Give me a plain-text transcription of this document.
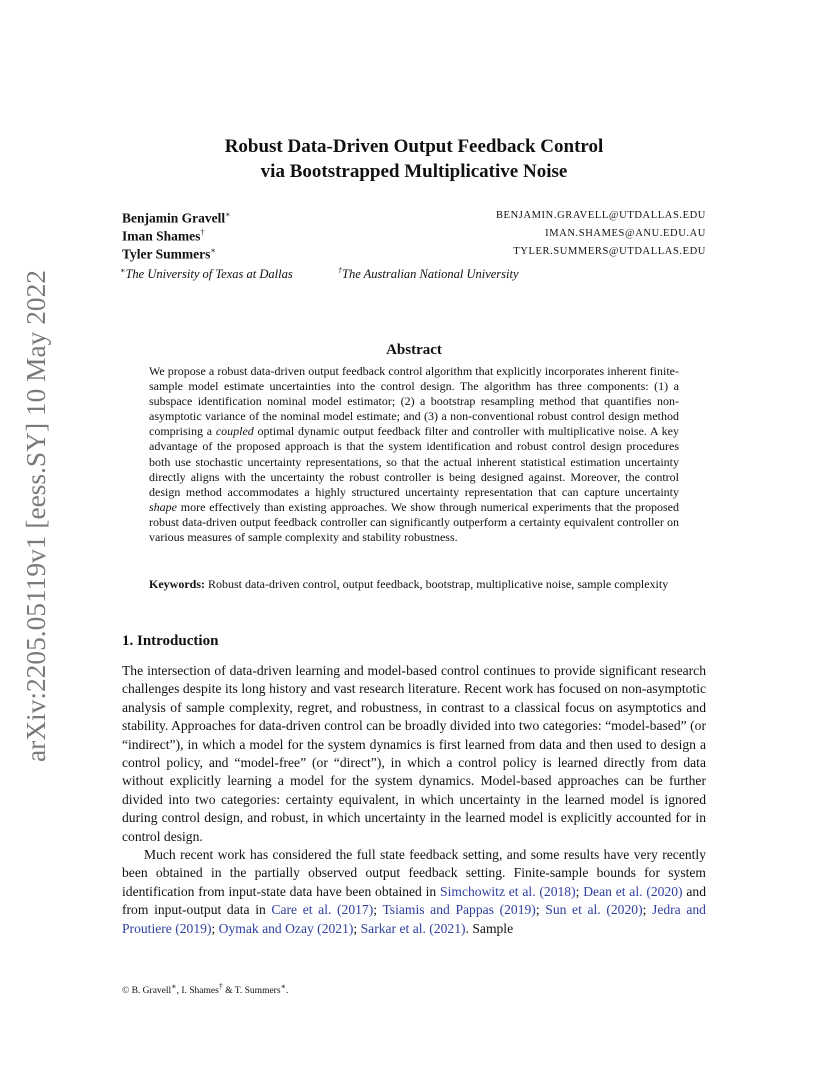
arXiv:2205.05119v1 [eess.SY] 10 May 2022
Robust Data-Driven Output Feedback Control
via Bootstrapped Multiplicative Noise
Benjamin Gravell∗	BENJAMIN.GRAVELL@UTDALLAS.EDU
Iman Shames†	IMAN.SHAMES@ANU.EDU.AU
Tyler Summers∗	TYLER.SUMMERS@UTDALLAS.EDU
∗The University of Texas at Dallas	†The Australian National University
Abstract
We propose a robust data-driven output feedback control algorithm that explicitly incorporates inherent finite-sample model estimate uncertainties into the control design. The algorithm has three components: (1) a subspace identification nominal model estimator; (2) a bootstrap resampling method that quantifies non-asymptotic variance of the nominal model estimate; and (3) a non-conventional robust control design method comprising a coupled optimal dynamic output feedback filter and controller with multiplicative noise. A key advantage of the proposed approach is that the system identification and robust control design procedures both use stochastic uncertainty representations, so that the actual inherent statistical estimation uncertainty directly aligns with the uncertainty the robust controller is being designed against. Moreover, the control design method accommodates a highly structured uncertainty representation that can capture uncertainty shape more effectively than existing approaches. We show through numerical experiments that the proposed robust data-driven output feedback controller can significantly outperform a certainty equivalent controller on various measures of sample complexity and stability robustness.
Keywords: Robust data-driven control, output feedback, bootstrap, multiplicative noise, sample complexity
1. Introduction

The intersection of data-driven learning and model-based control continues to provide significant research challenges despite its long history and vast research literature. Recent work has focused on non-asymptotic analysis of sample complexity, regret, and robustness, in contrast to a classical focus on asymptotics and stability. Approaches for data-driven control can be broadly divided into two categories: “model-based” (or “indirect”), in which a model for the system dynamics is first learned from data and then used to design a control policy, and “model-free” (or “direct”), in which a control policy is learned directly from data without explicitly learning a model for the system dynamics. Model-based approaches can be further divided into two categories: certainty equivalent, in which uncertainty in the learned model is ignored during control design, and robust, in which uncertainty in the learned model is explicitly accounted for in control design.

Much recent work has considered the full state feedback setting, and some results have very recently been obtained in the partially observed output feedback setting. Finite-sample bounds for system identification from input-state data have been obtained in Simchowitz et al. (2018); Dean et al. (2020) and from input-output data in Care et al. (2017); Tsiamis and Pappas (2019); Sun et al. (2020); Jedra and Proutiere (2019); Oymak and Ozay (2021); Sarkar et al. (2021). Sample

© B. Gravell∗, I. Shames† & T. Summers∗.
